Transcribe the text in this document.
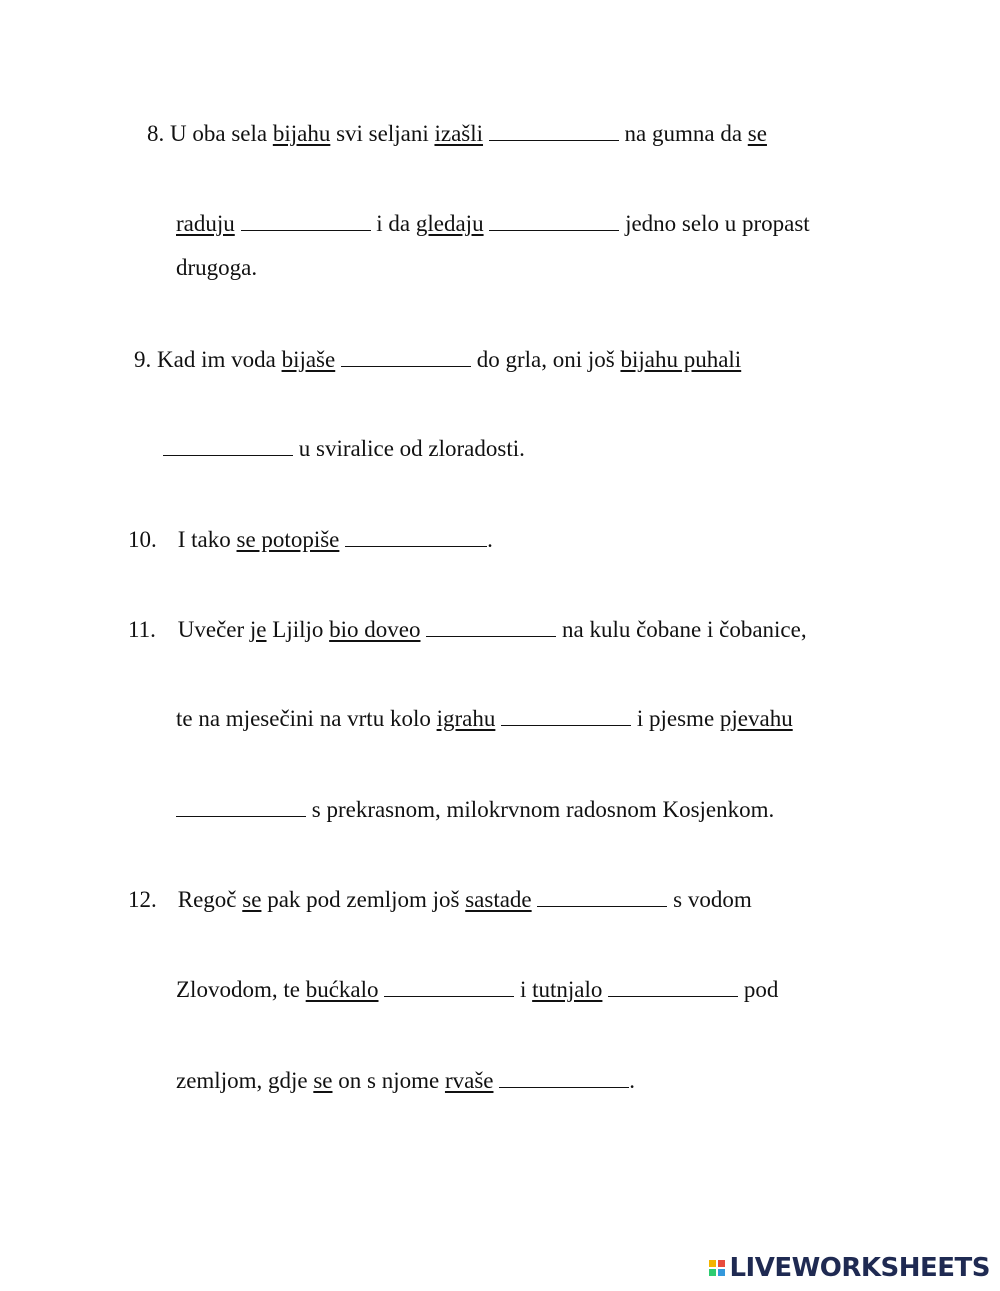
8. U oba sela bijahu svi seljani izašli	na gumna da se

raduju	i da gledaju	jedno selo u propast

drugoga.

9. Kad im voda bijaše	do grla, oni još bijahu puhali

u sviralice od zloradosti.

10. I tako se potopiše	.

11. Uvečer je Ljiljo bio doveo	na kulu čobane i čobanice,

te na mjesečini na vrtu kolo igrahu	i pjesme pjevahu

s prekrasnom, milokrvnom radosnom Kosjenkom.

12. Regoč se pak pod zemljom još sastade	s vodom

Zlovodom, te bućkalo	i tutnjalo	pod

zemljom, gdje se on s njome rvaše	.

LIVEWORKSHEETS
